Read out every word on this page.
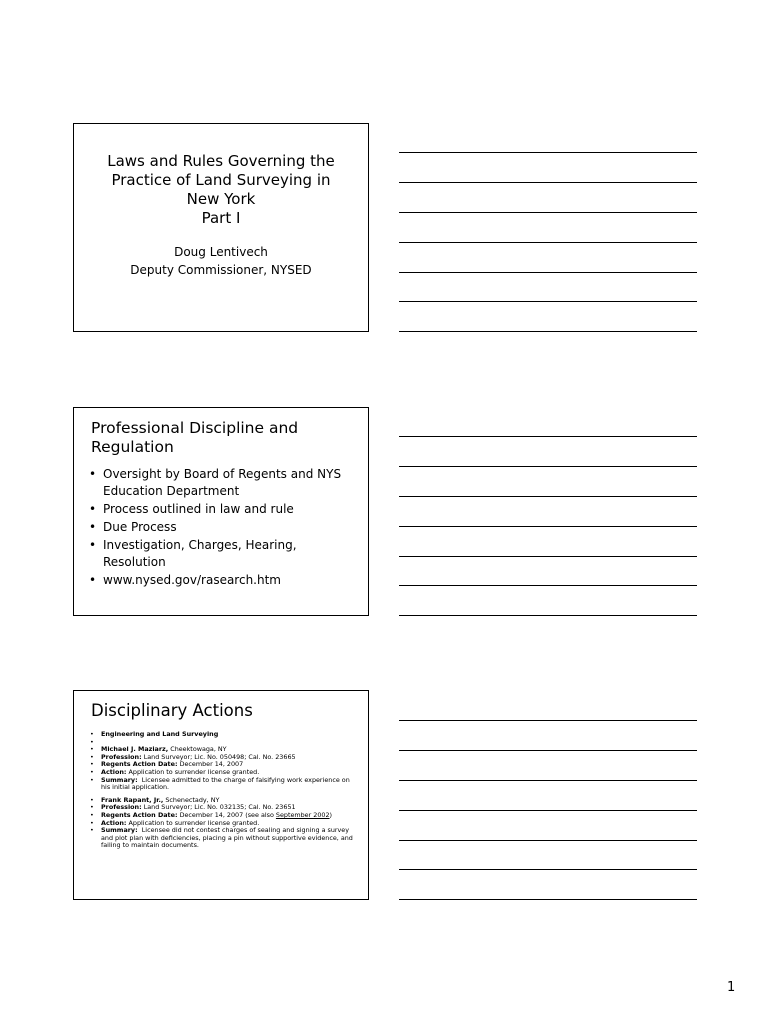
Laws and Rules Governing the
Practice of Land Surveying in
New York
Part I
Doug Lentivech
Deputy Commissioner, NYSED
Professional Discipline and Regulation
• Oversight by Board of Regents and NYS Education Department
• Process outlined in law and rule
• Due Process
• Investigation, Charges, Hearing, Resolution
• www.nysed.gov/rasearch.htm
Disciplinary Actions
• Engineering and Land Surveying
•

• Michael J. Maziarz, Cheektowaga, NY
• Profession: Land Surveyor; Lic. No. 050498; Cal. No. 23665
• Regents Action Date: December 14, 2007
• Action: Application to surrender license granted.
• Summary: Licensee admitted to the charge of falsifying work experience on his initial application.
• Frank Rapant, Jr., Schenectady, NY
• Profession: Land Surveyor; Lic. No. 032135; Cal. No. 23651
• Regents Action Date: December 14, 2007 (see also September 2002)
• Action: Application to surrender license granted.
• Summary: Licensee did not contest charges of sealing and signing a survey and plot plan with deficiencies, placing a pin without supportive evidence, and failing to maintain documents.
1
